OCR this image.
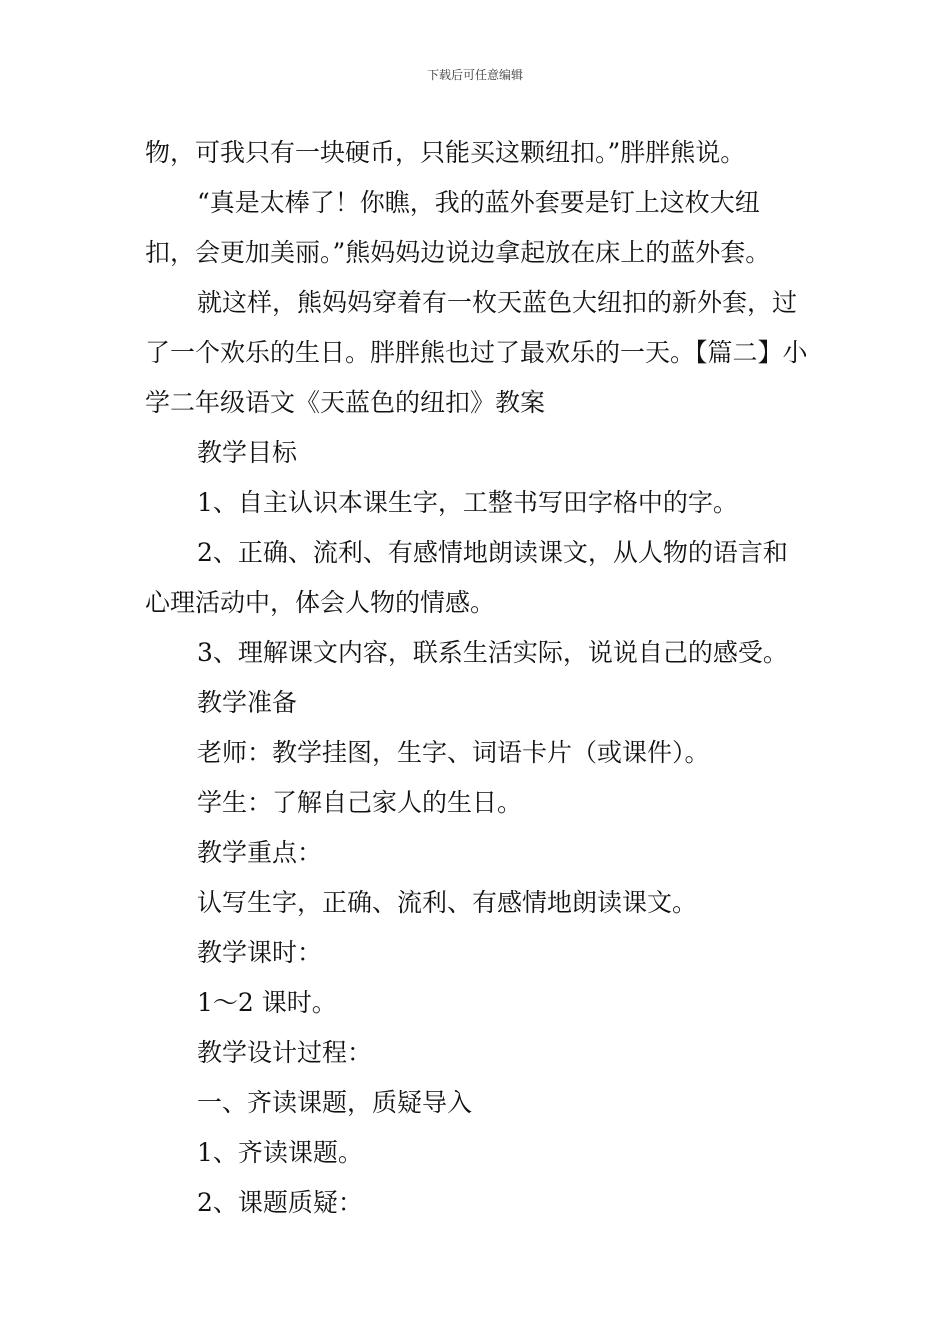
下载后可任意编辑

物，可我只有一块硬币，只能买这颗纽扣。”胖胖熊说。

“真是太棒了！你瞧，我的蓝外套要是钉上这枚大纽扣，会更加美丽。”熊妈妈边说边拿起放在床上的蓝外套。

就这样，熊妈妈穿着有一枚天蓝色大纽扣的新外套，过了一个欢乐的生日。胖胖熊也过了最欢乐的一天。【篇二】小学二年级语文《天蓝色的纽扣》教案

教学目标

1、自主认识本课生字，工整书写田字格中的字。

2、正确、流利、有感情地朗读课文，从人物的语言和心理活动中，体会人物的情感。

3、理解课文内容，联系生活实际，说说自己的感受。

教学准备

老师：教学挂图，生字、词语卡片（或课件）。

学生：了解自己家人的生日。

教学重点：

认写生字，正确、流利、有感情地朗读课文。

教学课时：

1～2 课时。

教学设计过程：

一、齐读课题，质疑导入

1、齐读课题。

2、课题质疑：
